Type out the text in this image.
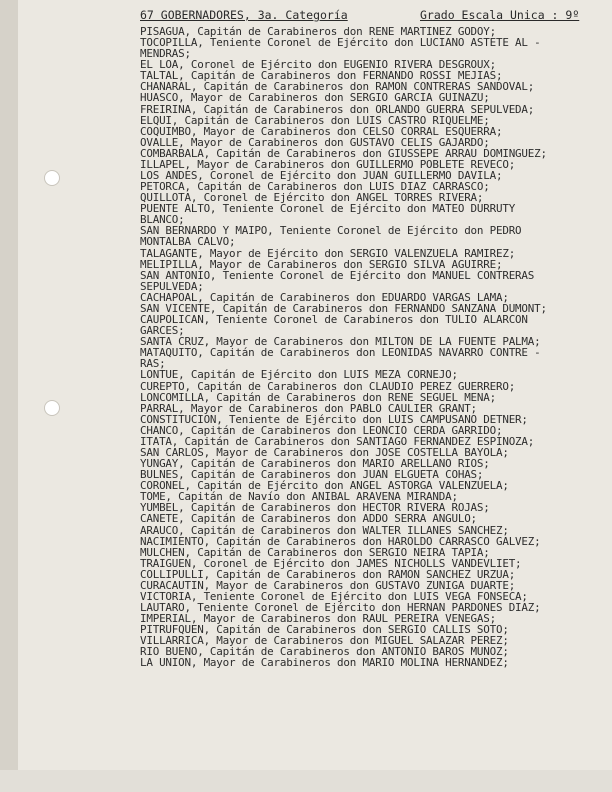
67 GOBERNADORES, 3a. Categoría	Grado Escala Unica : 9º
PISAGUA, Capitán de Carabineros don RENE MARTINEZ GODOY;
TOCOPILLA, Teniente Coronel de Ejército don LUCIANO ASTETE AL -
MENDRAS;
EL LOA, Coronel de Ejército don EUGENIO RIVERA DESGROUX;
TALTAL, Capitán de Carabineros don FERNANDO ROSSI MEJIAS;
CHAÑARAL, Capitán de Carabineros don RAMON CONTRERAS SANDOVAL;
HUASCO, Mayor de Carabineros don SERGIO GARCIA GUIÑAZU;
FREIRINA, Capitán de Carabineros don ORLANDO GUERRA SEPULVEDA;
ELQUI, Capitán de Carabineros don LUIS CASTRO RIQUELME;
COQUIMBO, Mayor de Carabineros don CELSO CORRAL ESQUERRA;
OVALLE, Mayor de Carabineros don GUSTAVO CELIS GAJARDO;
COMBARBALA, Capitán de Carabineros don GIUSSEPE ARRAU DOMINGUEZ;
ILLAPEL, Mayor de Carabineros don GUILLERMO POBLETE REVECO;
LOS ANDES, Coronel de Ejército don JUAN GUILLERMO DAVILA;
PETORCA, Capitán de Carabineros don LUIS DIAZ CARRASCO;
QUILLOTA, Coronel de Ejército don ANGEL TORRES RIVERA;
PUENTE ALTO, Teniente Coronel de Ejército don MATEO DURRUTY
BLANCO;
SAN BERNARDO Y MAIPO, Teniente Coronel de Ejército don PEDRO
MONTALBA CALVO;
TALAGANTE, Mayor de Ejército don SERGIO VALENZUELA RAMIREZ;
MELIPILLA, Mayor de Carabineros don SERGIO SILVA AGUIRRE;
SAN ANTONIO, Teniente Coronel de Ejército don MANUEL CONTRERAS
SEPULVEDA;
CACHAPOAL, Capitán de Carabineros don EDUARDO VARGAS LAMA;
SAN VICENTE, Capitán de Carabineros don FERNANDO SANZANA DUMONT;
CAUPOLICAN, Teniente Coronel de Carabineros don TULIO ALARCON
GARCES;
SANTA CRUZ, Mayor de Carabineros don MILTON DE LA FUENTE PALMA;
MATAQUITO, Capitán de Carabineros don LEONIDAS NAVARRO CONTRE -
RAS;
LONTUE, Capitán de Ejército don LUIS MEZA CORNEJO;
CUREPTO, Capitán de Carabineros don CLAUDIO PEREZ GUERRERO;
LONCOMILLA, Capitán de Carabineros don RENE SEGUEL MENA;
PARRAL, Mayor de Carabineros don PABLO CAULIER GRANT;
CONSTITUCION, Teniente de Ejército don LUIS CAMPUSANO DETNER;
CHANCO, Capitán de Carabineros don LEONCIO CERDA GARRIDO;
ITATA, Capitán de Carabineros don SANTIAGO FERNANDEZ ESPINOZA;
SAN CARLOS, Mayor de Carabineros don JOSE COSTELLA BAYOLA;
YUNGAY, Capitán de Carabineros don MARIO ARELLANO RIOS;
BULNES, Capitán de Carabineros don JUAN ELGUETA COHAS;
CORONEL, Capitán de Ejército don ANGEL ASTORGA VALENZUELA;
TOME, Capitán de Navío don ANIBAL ARAVENA MIRANDA;
YUMBEL, Capitán de Carabineros don HECTOR RIVERA ROJAS;
CAÑETE, Capitán de Carabineros don ADDO SERRA ANGULO;
ARAUCO, Capitán de Carabineros don WALTER ILLANES SANCHEZ;
NACIMIENTO, Capitán de Carabineros don HAROLDO CARRASCO GALVEZ;
MULCHEN, Capitán de Carabineros don SERGIO NEIRA TAPIA;
TRAIGUEN, Coronel de Ejército don JAMES NICHOLLS VANDEVLIET;
COLLIPULLI, Capitán de Carabineros don RAMON SANCHEZ URZUA;
CURACAUTIN, Mayor de Carabineros don GUSTAVO ZUÑIGA DUARTE;
VICTORIA, Teniente Coronel de Ejército don LUIS VEGA FONSECA;
LAUTARO, Teniente Coronel de Ejército don HERNAN PARDONES DIAZ;
IMPERIAL, Mayor de Carabineros don RAUL PEREIRA VENEGAS;
PITRUFQUEN, Capitán de Carabineros don SERGIO CALLIS SOTO;
VILLARRICA, Mayor de Carabineros don MIGUEL SALAZAR PEREZ;
RIO BUENO, Capitán de Carabineros don ANTONIO BAROS MUÑOZ;
LA UNION, Mayor de Carabineros don MARIO MOLINA HERNANDEZ;
